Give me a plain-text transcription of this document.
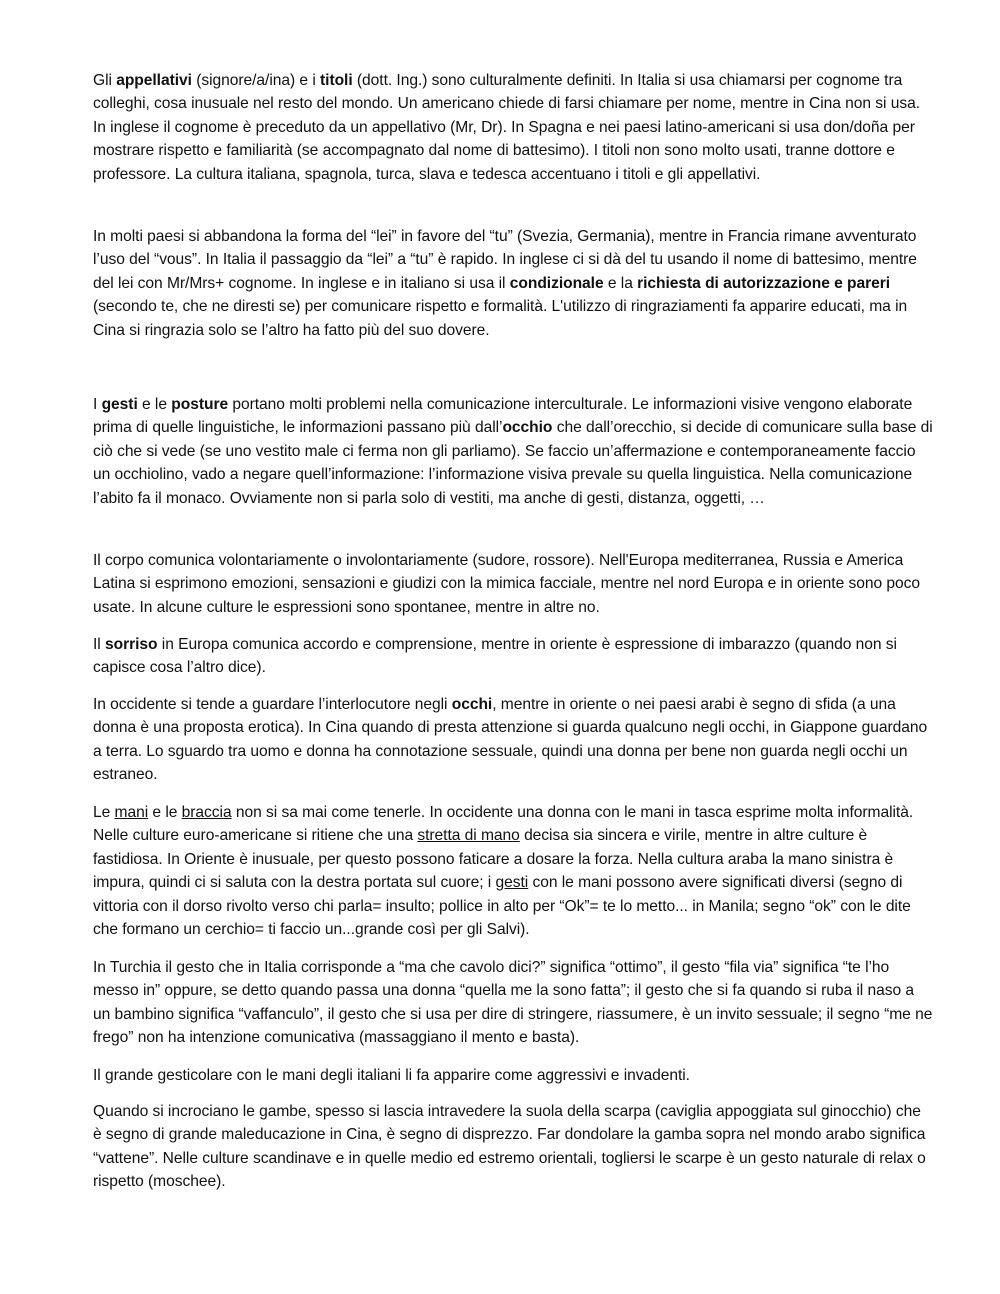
Gli appellativi (signore/a/ina) e i titoli (dott. Ing.) sono culturalmente definiti. In Italia si usa chiamarsi per cognome tra colleghi, cosa inusuale nel resto del mondo. Un americano chiede di farsi chiamare per nome, mentre in Cina non si usa. In inglese il cognome è preceduto da un appellativo (Mr, Dr). In Spagna e nei paesi latino-americani si usa don/doña per mostrare rispetto e familiarità (se accompagnato dal nome di battesimo). I titoli non sono molto usati, tranne dottore e professore. La cultura italiana, spagnola, turca, slava e tedesca accentuano i titoli e gli appellativi.

In molti paesi si abbandona la forma del “lei” in favore del “tu” (Svezia, Germania), mentre in Francia rimane avventurato l’uso del “vous”. In Italia il passaggio da “lei” a “tu” è rapido. In inglese ci si dà del tu usando il nome di battesimo, mentre del lei con Mr/Mrs+ cognome. In inglese e in italiano si usa il condizionale e la richiesta di autorizzazione e pareri (secondo te, che ne diresti se) per comunicare rispetto e formalità. L'utilizzo di ringraziamenti fa apparire educati, ma in Cina si ringrazia solo se l’altro ha fatto più del suo dovere.

I gesti e le posture portano molti problemi nella comunicazione interculturale. Le informazioni visive vengono elaborate prima di quelle linguistiche, le informazioni passano più dall’occhio che dall’orecchio, si decide di comunicare sulla base di ciò che si vede (se uno vestito male ci ferma non gli parliamo). Se faccio un’affermazione e contemporaneamente faccio un occhiolino, vado a negare quell’informazione: l’informazione visiva prevale su quella linguistica. Nella comunicazione l’abito fa il monaco. Ovviamente non si parla solo di vestiti, ma anche di gesti, distanza, oggetti, …

Il corpo comunica volontariamente o involontariamente (sudore, rossore). Nell'Europa mediterranea, Russia e America Latina si esprimono emozioni, sensazioni e giudizi con la mimica facciale, mentre nel nord Europa e in oriente sono poco usate. In alcune culture le espressioni sono spontanee, mentre in altre no.

Il sorriso in Europa comunica accordo e comprensione, mentre in oriente è espressione di imbarazzo (quando non si capisce cosa l’altro dice).

In occidente si tende a guardare l’interlocutore negli occhi, mentre in oriente o nei paesi arabi è segno di sfida (a una donna è una proposta erotica). In Cina quando di presta attenzione si guarda qualcuno negli occhi, in Giappone guardano a terra. Lo sguardo tra uomo e donna ha connotazione sessuale, quindi una donna per bene non guarda negli occhi un estraneo.

Le mani e le braccia non si sa mai come tenerle. In occidente una donna con le mani in tasca esprime molta informalità. Nelle culture euro-americane si ritiene che una stretta di mano decisa sia sincera e virile, mentre in altre culture è fastidiosa. In Oriente è inusuale, per questo possono faticare a dosare la forza. Nella cultura araba la mano sinistra è impura, quindi ci si saluta con la destra portata sul cuore; i gesti con le mani possono avere significati diversi (segno di vittoria con il dorso rivolto verso chi parla= insulto; pollice in alto per “Ok”= te lo metto... in Manila; segno “ok” con le dite che formano un cerchio= ti faccio un...grande così per gli Salvi).

In Turchia il gesto che in Italia corrisponde a “ma che cavolo dici?” significa “ottimo”, il gesto “fila via” significa “te l’ho messo in” oppure, se detto quando passa una donna “quella me la sono fatta”; il gesto che si fa quando si ruba il naso a un bambino significa “vaffanculo”, il gesto che si usa per dire di stringere, riassumere, è un invito sessuale; il segno “me ne frego” non ha intenzione comunicativa (massaggiano il mento e basta).

Il grande gesticolare con le mani degli italiani li fa apparire come aggressivi e invadenti.

Quando si incrociano le gambe, spesso si lascia intravedere la suola della scarpa (caviglia appoggiata sul ginocchio) che è segno di grande maleducazione in Cina, è segno di disprezzo. Far dondolare la gamba sopra nel mondo arabo significa “vattene”. Nelle culture scandinave e in quelle medio ed estremo orientali, togliersi le scarpe è un gesto naturale di relax o rispetto (moschee).
